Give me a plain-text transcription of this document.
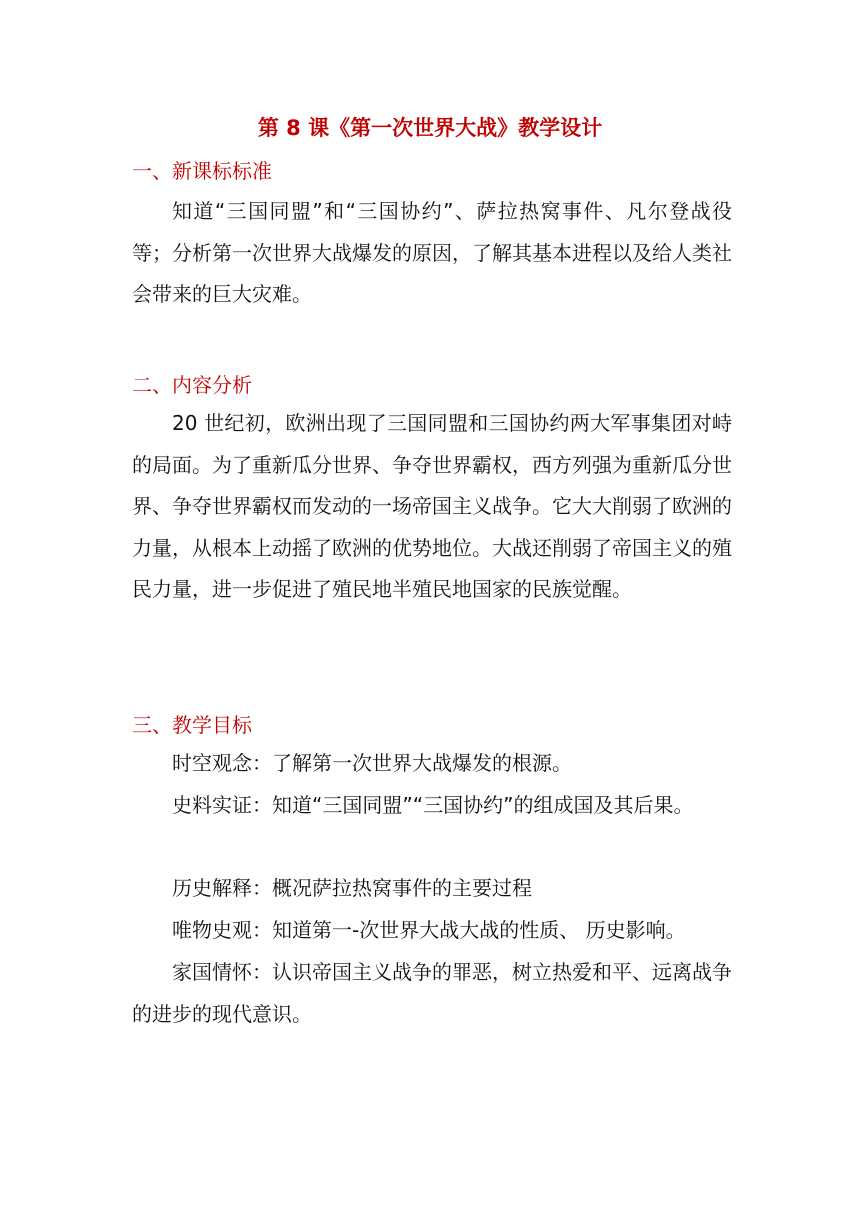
第 8 课《第一次世界大战》教学设计
一、新课标标准

知道“三国同盟”和“三国协约”、萨拉热窝事件、凡尔登战役等；分析第一次世界大战爆发的原因，了解其基本进程以及给人类社会带来的巨大灾难。

二、内容分析

20 世纪初，欧洲出现了三国同盟和三国协约两大军事集团对峙的局面。为了重新瓜分世界、争夺世界霸权，西方列强为重新瓜分世界、争夺世界霸权而发动的一场帝国主义战争。它大大削弱了欧洲的力量，从根本上动摇了欧洲的优势地位。大战还削弱了帝国主义的殖民力量，进一步促进了殖民地半殖民地国家的民族觉醒。

三、教学目标

时空观念：了解第一次世界大战爆发的根源。

史料实证：知道“三国同盟”“三国协约”的组成国及其后果。

历史解释：概况萨拉热窝事件的主要过程

唯物史观：知道第一-次世界大战大战的性质、 历史影响。

家国情怀：认识帝国主义战争的罪恶，树立热爱和平、远离战争的进步的现代意识。
